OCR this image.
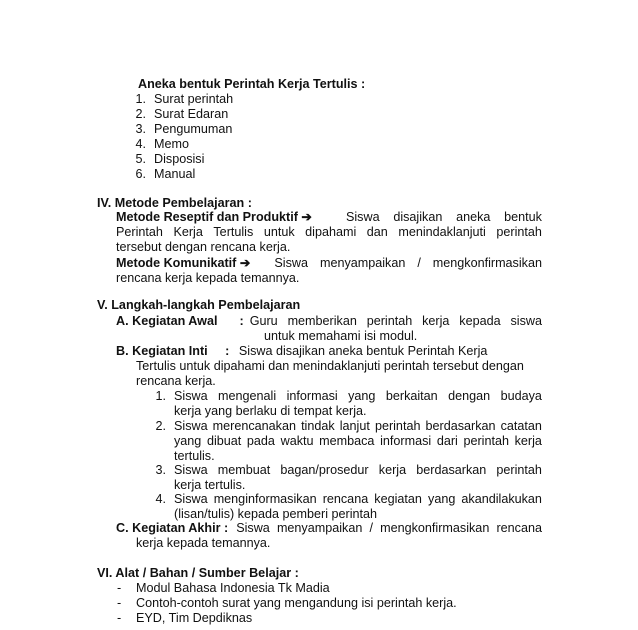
Aneka bentuk Perintah Kerja Tertulis :
1. Surat perintah
2. Surat Edaran
3. Pengumuman
4. Memo
5. Disposisi
6. Manual
IV. Metode Pembelajaran :
Metode Reseptif dan Produktif ➔	Siswa disajikan aneka bentuk
Perintah Kerja Tertulis untuk dipahami dan menindaklanjuti perintah
tersebut dengan rencana kerja.
Metode Komunikatif ➔ Siswa menyampaikan / mengkonfirmasikan
rencana kerja kepada temannya.
V. Langkah-langkah Pembelajaran
A. Kegiatan Awal : Guru memberikan perintah kerja kepada siswa
untuk memahami isi modul.
B. Kegiatan Inti : Siswa disajikan aneka bentuk Perintah Kerja
Tertulis untuk dipahami dan menindaklanjuti perintah tersebut dengan
rencana kerja.
1. Siswa mengenali informasi yang berkaitan dengan budaya
kerja yang berlaku di tempat kerja.
2. Siswa merencanakan tindak lanjut perintah berdasarkan catatan
yang dibuat pada waktu membaca informasi dari perintah kerja
tertulis.
3. Siswa membuat bagan/prosedur kerja berdasarkan perintah
kerja tertulis.
4. Siswa menginformasikan rencana kegiatan yang akandilakukan
(lisan/tulis) kepada pemberi perintah
C. Kegiatan Akhir : Siswa menyampaikan / mengkonfirmasikan rencana
kerja kepada temannya.
VI. Alat / Bahan / Sumber Belajar :
- Modul Bahasa Indonesia Tk Madia
- Contoh-contoh surat yang mengandung isi perintah kerja.
- EYD, Tim Depdiknas
